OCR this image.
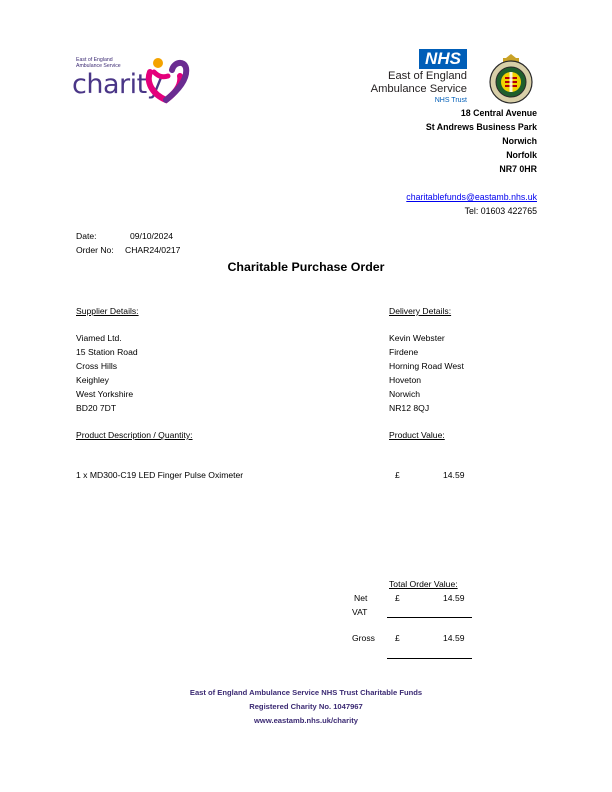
East of England
Ambulance Service
charity
NHS
East of England
Ambulance Service
NHS Trust
18 Central Avenue
St Andrews Business Park
Norwich
Norfolk
NR7 0HR
charitablefunds@eastamb.nhs.uk
Tel: 01603 422765
Date:	09/10/2024
Order No: CHAR24/0217
Charitable Purchase Order
Supplier Details:
Viamed Ltd.
15 Station Road
Cross Hills
Keighley
West Yorkshire
BD20 7DT
Delivery Details:
Kevin Webster
Firdene
Horning Road West
Hoveton
Norwich
NR12 8QJ
Product Description / Quantity:	Product Value:
1 x MD300-C19 LED Finger Pulse Oximeter	£	14.59
Total Order Value:
Net	£	14.59
VAT
Gross £	14.59
East of England Ambulance Service NHS Trust Charitable Funds
Registered Charity No. 1047967
www.eastamb.nhs.uk/charity
